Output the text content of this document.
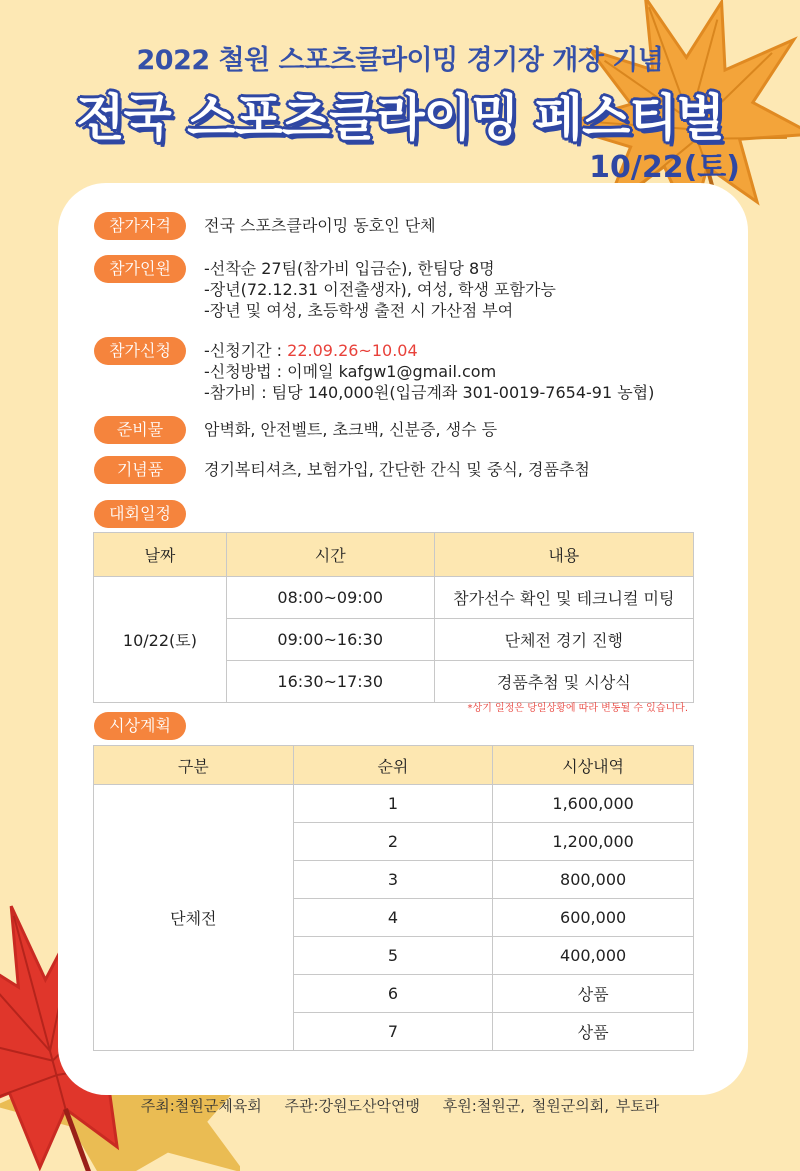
2022 철원 스포츠클라이밍 경기장 개장 기념
전국 스포츠클라이밍 페스티벌
10/22(토)
참가자격	전국 스포츠클라이밍 동호인 단체
참가인원	-선착순 27팀(참가비 입금순), 한팀당 8명
-장년(72.12.31 이전출생자), 여성, 학생 포함가능
-장년 및 여성, 초등학생 출전 시 가산점 부여
참가신청	-신청기간 : 22.09.26~10.04
-신청방법 : 이메일 kafgw1@gmail.com
-참가비 : 팀당 140,000원(입금계좌 301-0019-7654-91 농협)
준비물	암벽화, 안전벨트, 초크백, 신분증, 생수 등
기념품	경기복티셔츠, 보험가입, 간단한 간식 및 중식, 경품추첨
대회일정
날짜	시간	내용
10/22(토)	08:00~09:00	참가선수 확인 및 테크니컬 미팅
	09:00~16:30	단체전 경기 진행
	16:30~17:30	경품추첨 및 시상식
*상기 일정은 당일상황에 따라 변동될 수 있습니다.
시상계획
구분	순위	시상내역
단체전	1	1,600,000
	2	1,200,000
	3	800,000
	4	600,000
	5	400,000
	6	상품
	7	상품
주최:철원군체육회 주관:강원도산악연맹 후원:철원군, 철원군의회, 부토라
